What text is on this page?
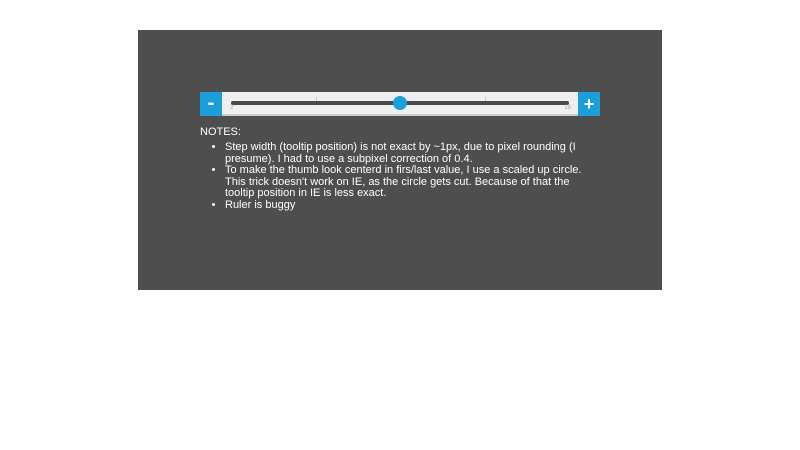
-	2	18 +
NOTES:
• Step width (tooltip position) is not exact by ~1px, due to pixel rounding (I presume). I had to use a subpixel correction of 0.4.
• To make the thumb look centerd in firs/last value, I use a scaled up circle. This trick doesn't work on IE, as the circle gets cut. Because of that the tooltip position in IE is less exact.
• Ruler is buggy
